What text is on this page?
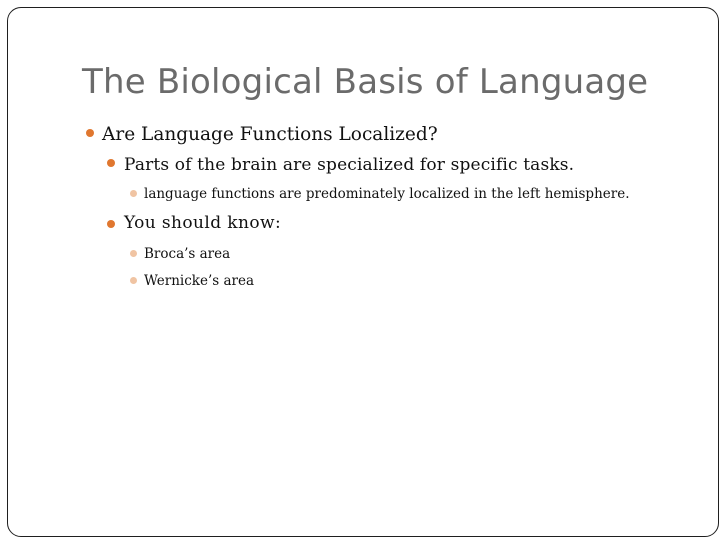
The Biological Basis of Language
Are Language Functions Localized?
Parts of the brain are specialized for specific tasks.
language functions are predominately localized in the left hemisphere.
You should know:
Broca’s area
Wernicke’s area
